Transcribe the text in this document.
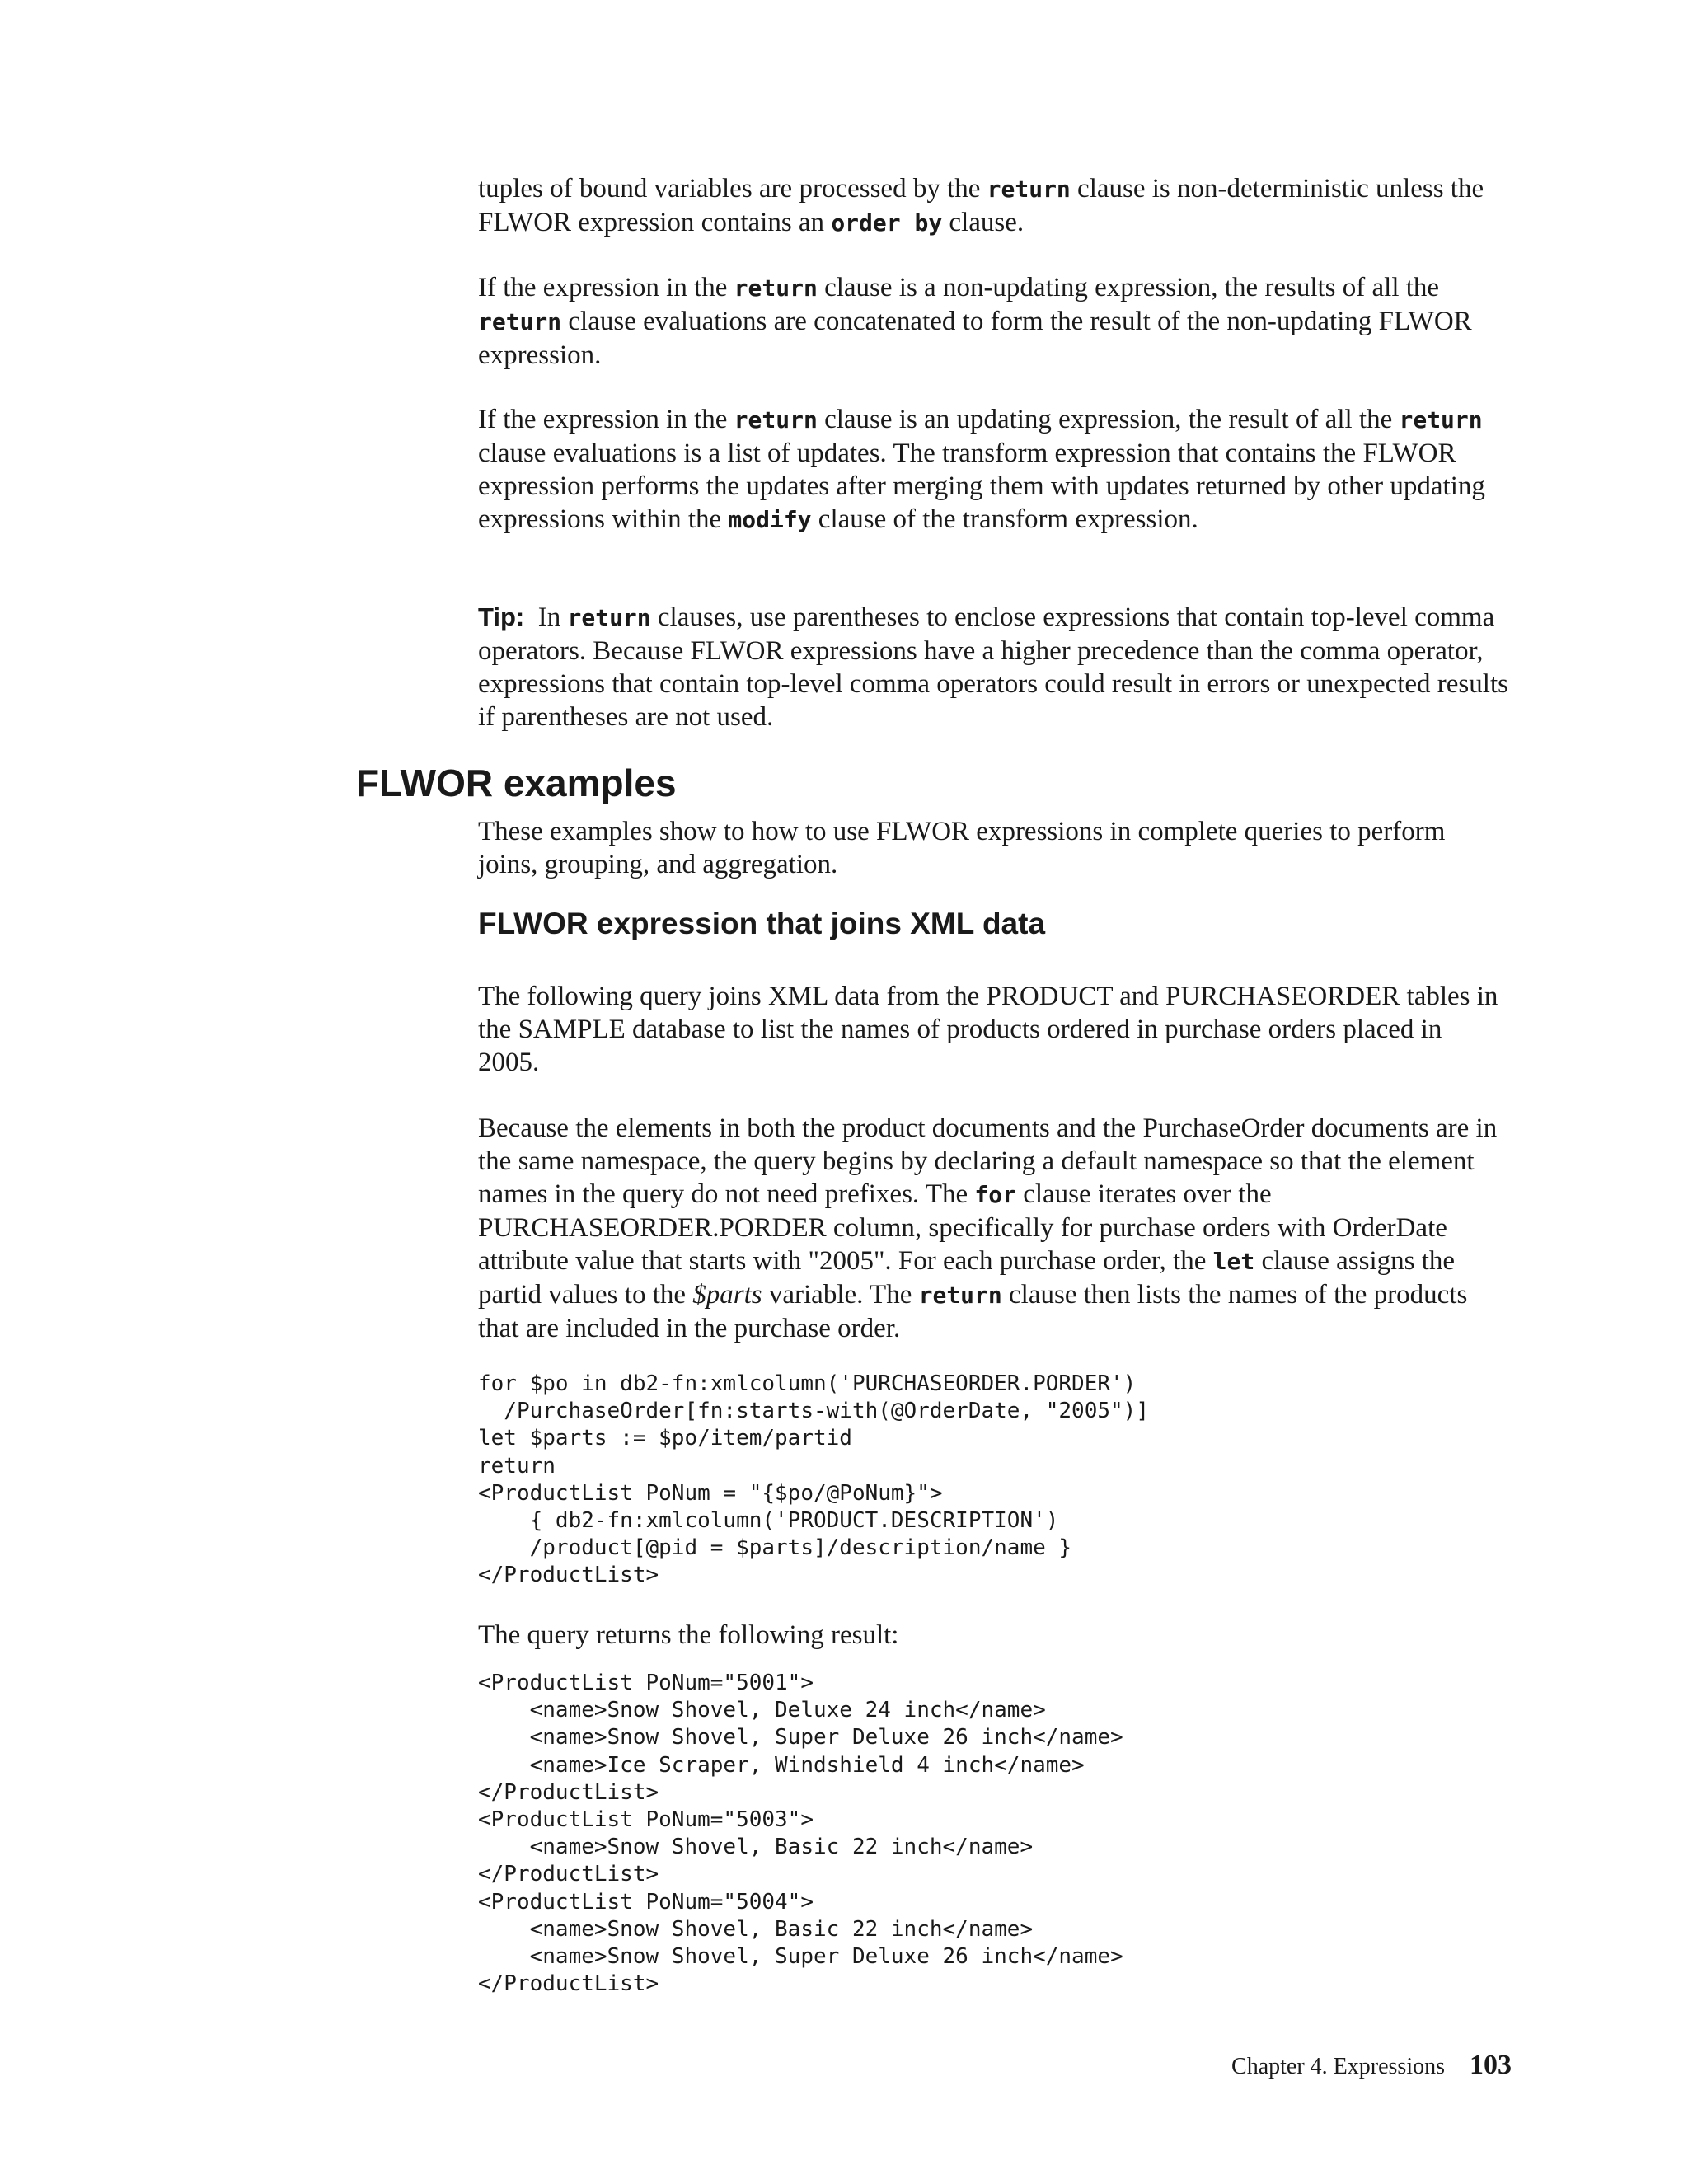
tuples of bound variables are processed by the return clause is non-deterministic unless the FLWOR expression contains an order by clause.

If the expression in the return clause is a non-updating expression, the results of all the return clause evaluations are concatenated to form the result of the non-updating FLWOR expression.

If the expression in the return clause is an updating expression, the result of all the return clause evaluations is a list of updates. The transform expression that contains the FLWOR expression performs the updates after merging them with updates returned by other updating expressions within the modify clause of the transform expression.

Tip:  In return clauses, use parentheses to enclose expressions that contain top-level comma operators. Because FLWOR expressions have a higher precedence than the comma operator, expressions that contain top-level comma operators could result in errors or unexpected results if parentheses are not used.

FLWOR examples

These examples show to how to use FLWOR expressions in complete queries to perform joins, grouping, and aggregation.

FLWOR expression that joins XML data

The following query joins XML data from the PRODUCT and PURCHASEORDER tables in the SAMPLE database to list the names of products ordered in purchase orders placed in 2005.

Because the elements in both the product documents and the PurchaseOrder documents are in the same namespace, the query begins by declaring a default namespace so that the element names in the query do not need prefixes. The for clause iterates over the PURCHASEORDER.PORDER column, specifically for purchase orders with OrderDate attribute value that starts with "2005". For each purchase order, the let clause assigns the partid values to the $parts variable. The return clause then lists the names of the products that are included in the purchase order.

for $po in db2-fn:xmlcolumn('PURCHASEORDER.PORDER')
/PurchaseOrder[fn:starts-with(@OrderDate, "2005")]
let $parts := $po/item/partid
return
<ProductList PoNum = "{$po/@PoNum}">
{ db2-fn:xmlcolumn('PRODUCT.DESCRIPTION')
/product[@pid = $parts]/description/name }
</ProductList>

The query returns the following result:

<ProductList PoNum="5001">
<name>Snow Shovel, Deluxe 24 inch</name>
<name>Snow Shovel, Super Deluxe 26 inch</name>
<name>Ice Scraper, Windshield 4 inch</name>
</ProductList>
<ProductList PoNum="5003">
<name>Snow Shovel, Basic 22 inch</name>
</ProductList>
<ProductList PoNum="5004">
<name>Snow Shovel, Basic 22 inch</name>
<name>Snow Shovel, Super Deluxe 26 inch</name>
</ProductList>
Chapter 4. Expressions 103
